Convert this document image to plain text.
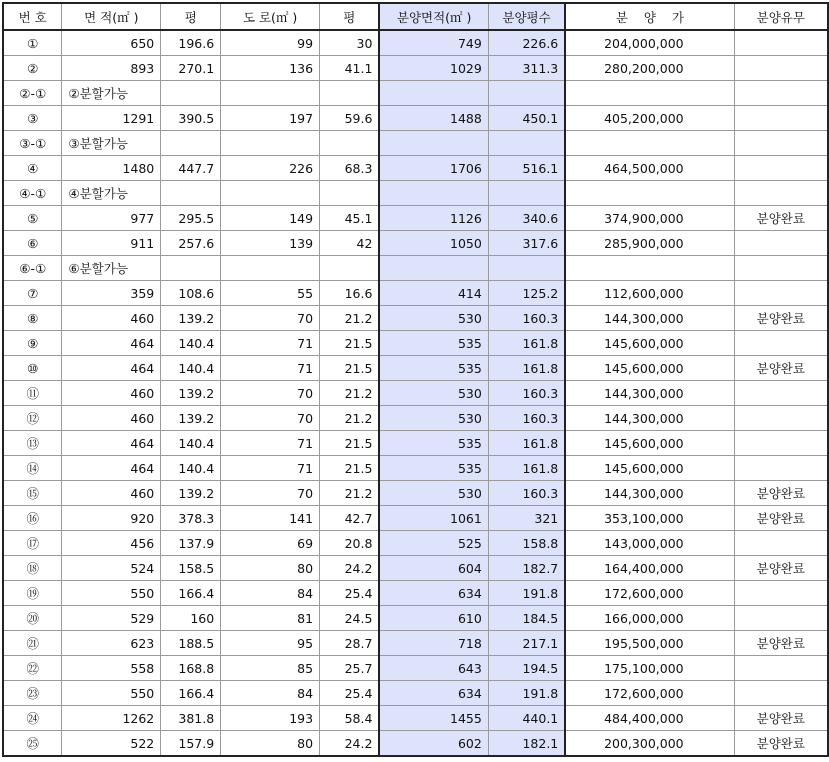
번 호	면 적(㎡ )	평	도 로(㎡ )	평	분양면적(㎡ )	분양평수	분    양    가	분양유무
①	650	196.6	99	30	749	226.6	204,000,000	
②	893	270.1	136	41.1	1029	311.3	280,200,000	
②-①	②분할가능							
③	1291	390.5	197	59.6	1488	450.1	405,200,000	
③-①	③분할가능							
④	1480	447.7	226	68.3	1706	516.1	464,500,000	
④-①	④분할가능							
⑤	977	295.5	149	45.1	1126	340.6	374,900,000	분양완료
⑥	911	257.6	139	42	1050	317.6	285,900,000	
⑥-①	⑥분할가능							
⑦	359	108.6	55	16.6	414	125.2	112,600,000	
⑧	460	139.2	70	21.2	530	160.3	144,300,000	분양완료
⑨	464	140.4	71	21.5	535	161.8	145,600,000	
⑩	464	140.4	71	21.5	535	161.8	145,600,000	분양완료
⑪	460	139.2	70	21.2	530	160.3	144,300,000	
⑫	460	139.2	70	21.2	530	160.3	144,300,000	
⑬	464	140.4	71	21.5	535	161.8	145,600,000	
⑭	464	140.4	71	21.5	535	161.8	145,600,000	
⑮	460	139.2	70	21.2	530	160.3	144,300,000	분양완료
⑯	920	378.3	141	42.7	1061	321	353,100,000	분양완료
⑰	456	137.9	69	20.8	525	158.8	143,000,000	
⑱	524	158.5	80	24.2	604	182.7	164,400,000	분양완료
⑲	550	166.4	84	25.4	634	191.8	172,600,000	
⑳	529	160	81	24.5	610	184.5	166,000,000	
㉑	623	188.5	95	28.7	718	217.1	195,500,000	분양완료
㉒	558	168.8	85	25.7	643	194.5	175,100,000	
㉓	550	166.4	84	25.4	634	191.8	172,600,000	
㉔	1262	381.8	193	58.4	1455	440.1	484,400,000	분양완료
㉕	522	157.9	80	24.2	602	182.1	200,300,000	분양완료
